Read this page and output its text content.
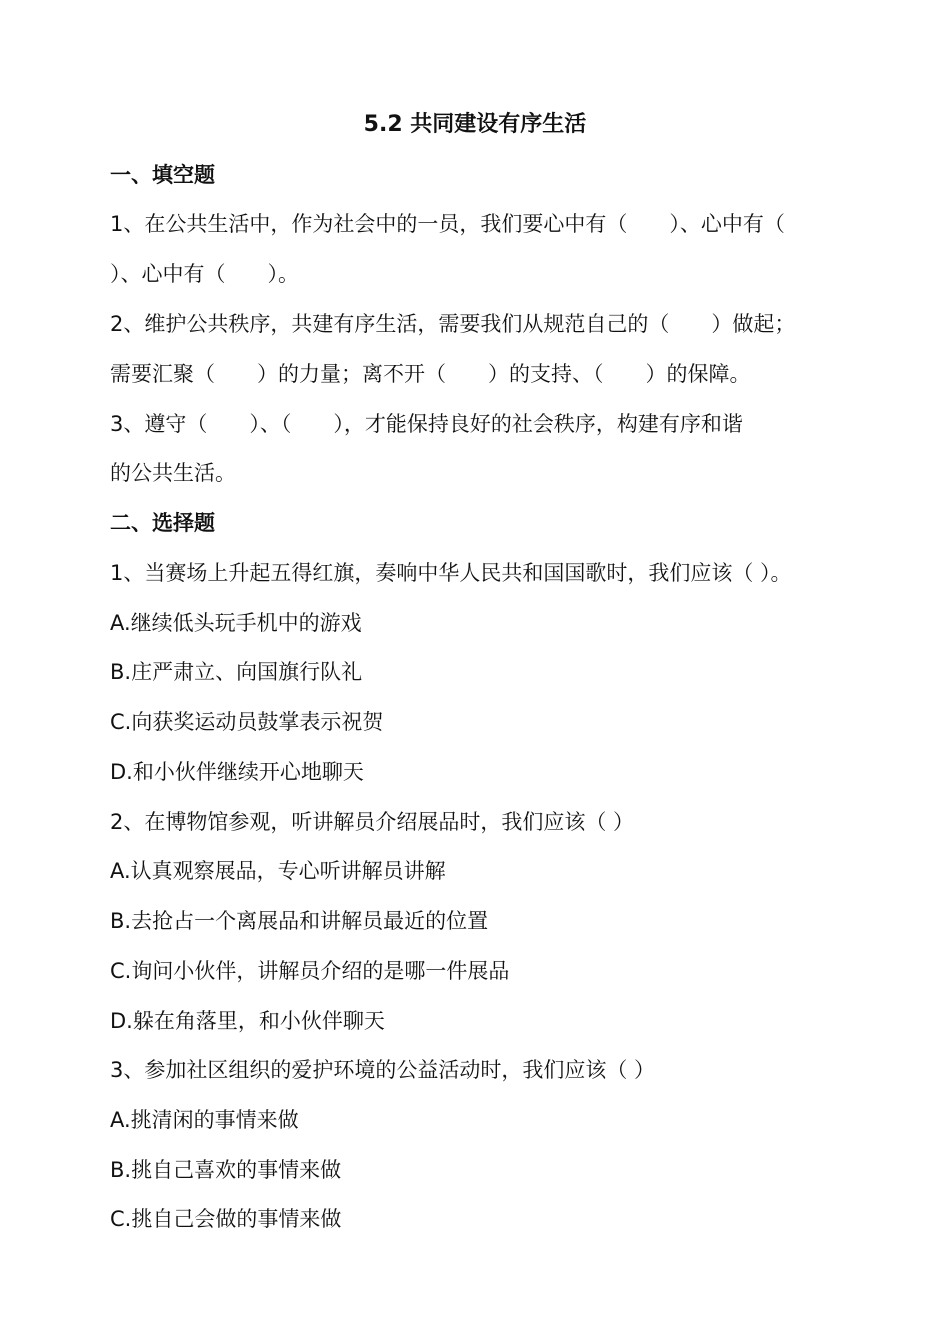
5.2 共同建设有序生活
一、填空题
1、在公共生活中，作为社会中的一员，我们要心中有（　　）、心中有（
）、心中有（　　）。
2、维护公共秩序，共建有序生活，需要我们从规范自己的（　　）做起；
需要汇聚（　　）的力量；离不开（　　）的支持、（　　）的保障。
3、遵守（　　）、（　　），才能保持良好的社会秩序，构建有序和谐
的公共生活。
二、选择题
1、当赛场上升起五得红旗，奏响中华人民共和国国歌时，我们应该（ ）。
A.继续低头玩手机中的游戏
B.庄严肃立、向国旗行队礼
C.向获奖运动员鼓掌表示祝贺
D.和小伙伴继续开心地聊天
2、在博物馆参观，听讲解员介绍展品时，我们应该（ ）
A.认真观察展品，专心听讲解员讲解
B.去抢占一个离展品和讲解员最近的位置
C.询问小伙伴，讲解员介绍的是哪一件展品
D.躲在角落里，和小伙伴聊天
3、参加社区组织的爱护环境的公益活动时，我们应该（ ）
A.挑清闲的事情来做
B.挑自己喜欢的事情来做
C.挑自己会做的事情来做
